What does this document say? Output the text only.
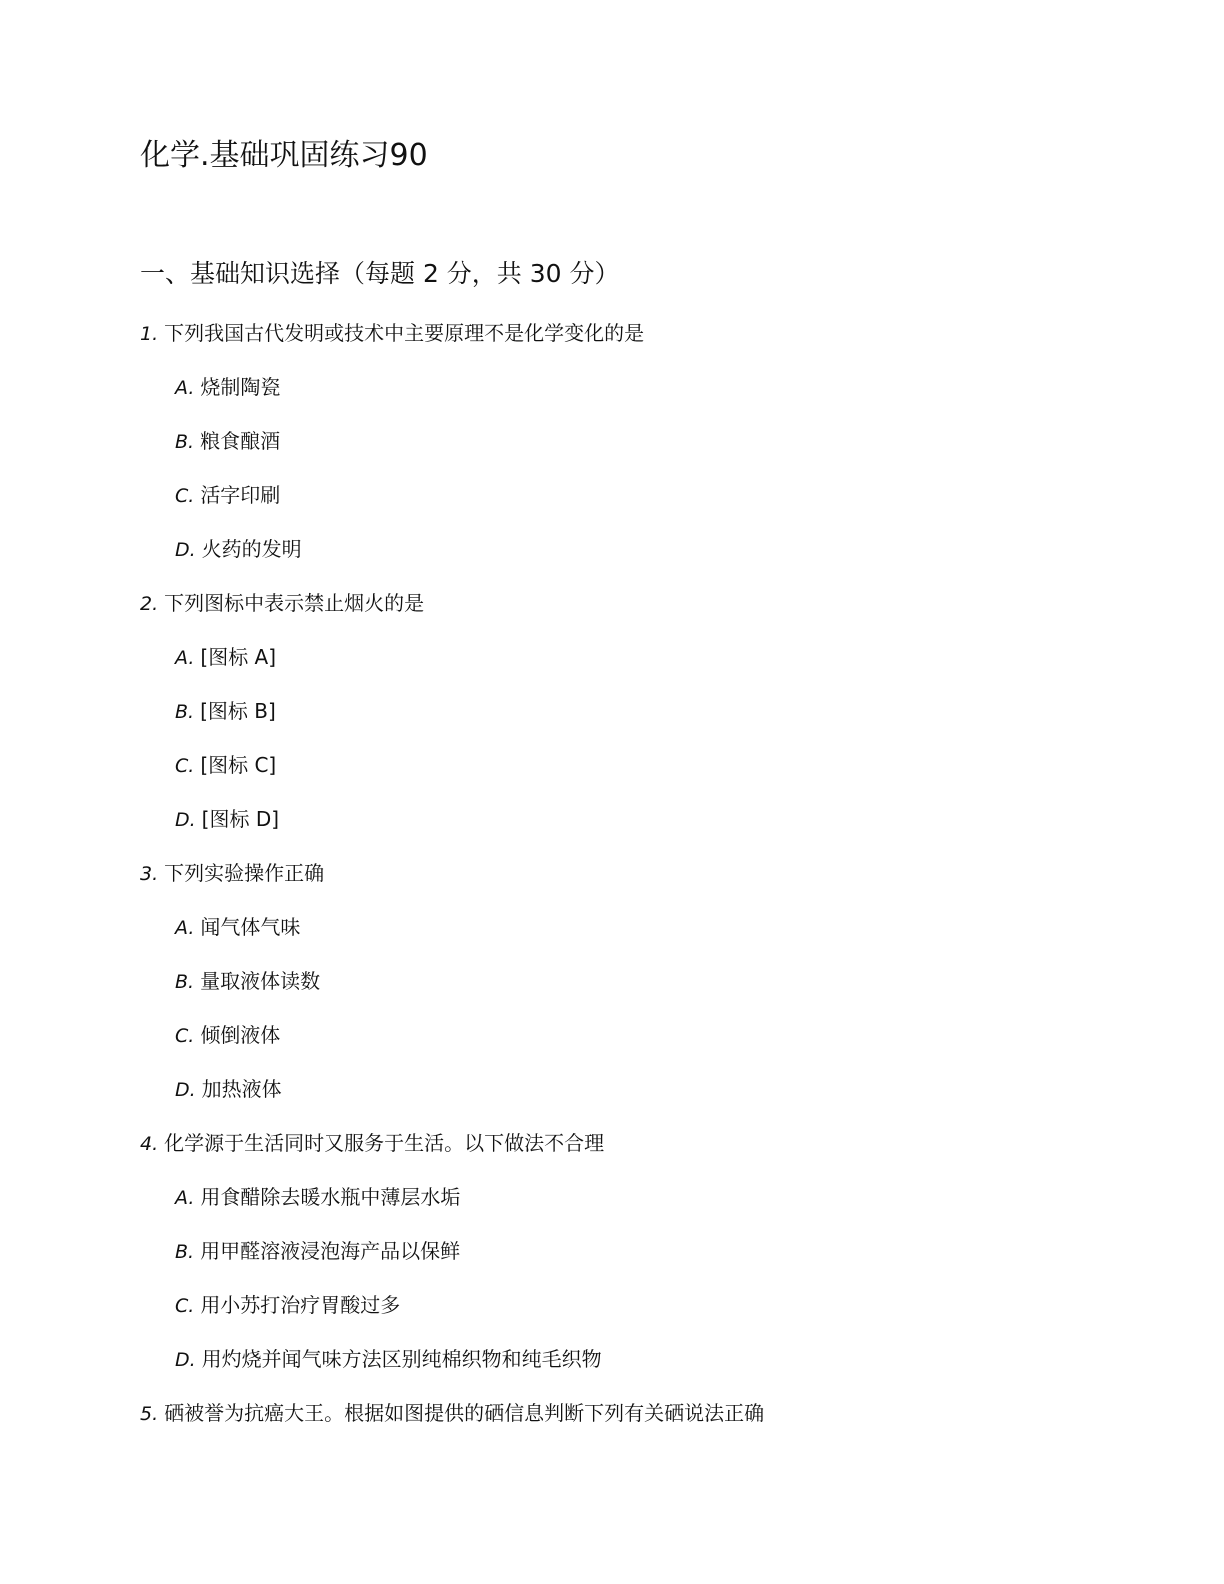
化学.基础巩固练习90
一、基础知识选择（每题 2 分，共 30 分）
1. 下列我国古代发明或技术中主要原理不是化学变化的是
A. 烧制陶瓷
B. 粮食酿酒
C. 活字印刷
D. 火药的发明
2. 下列图标中表示禁止烟火的是
A. [图标 A]
B. [图标 B]
C. [图标 C]
D. [图标 D]
3. 下列实验操作正确
A. 闻气体气味
B. 量取液体读数
C. 倾倒液体
D. 加热液体
4. 化学源于生活同时又服务于生活。以下做法不合理
A. 用食醋除去暖水瓶中薄层水垢
B. 用甲醛溶液浸泡海产品以保鲜
C. 用小苏打治疗胃酸过多
D. 用灼烧并闻气味方法区别纯棉织物和纯毛织物
5. 硒被誉为抗癌大王。根据如图提供的硒信息判断下列有关硒说法正确
